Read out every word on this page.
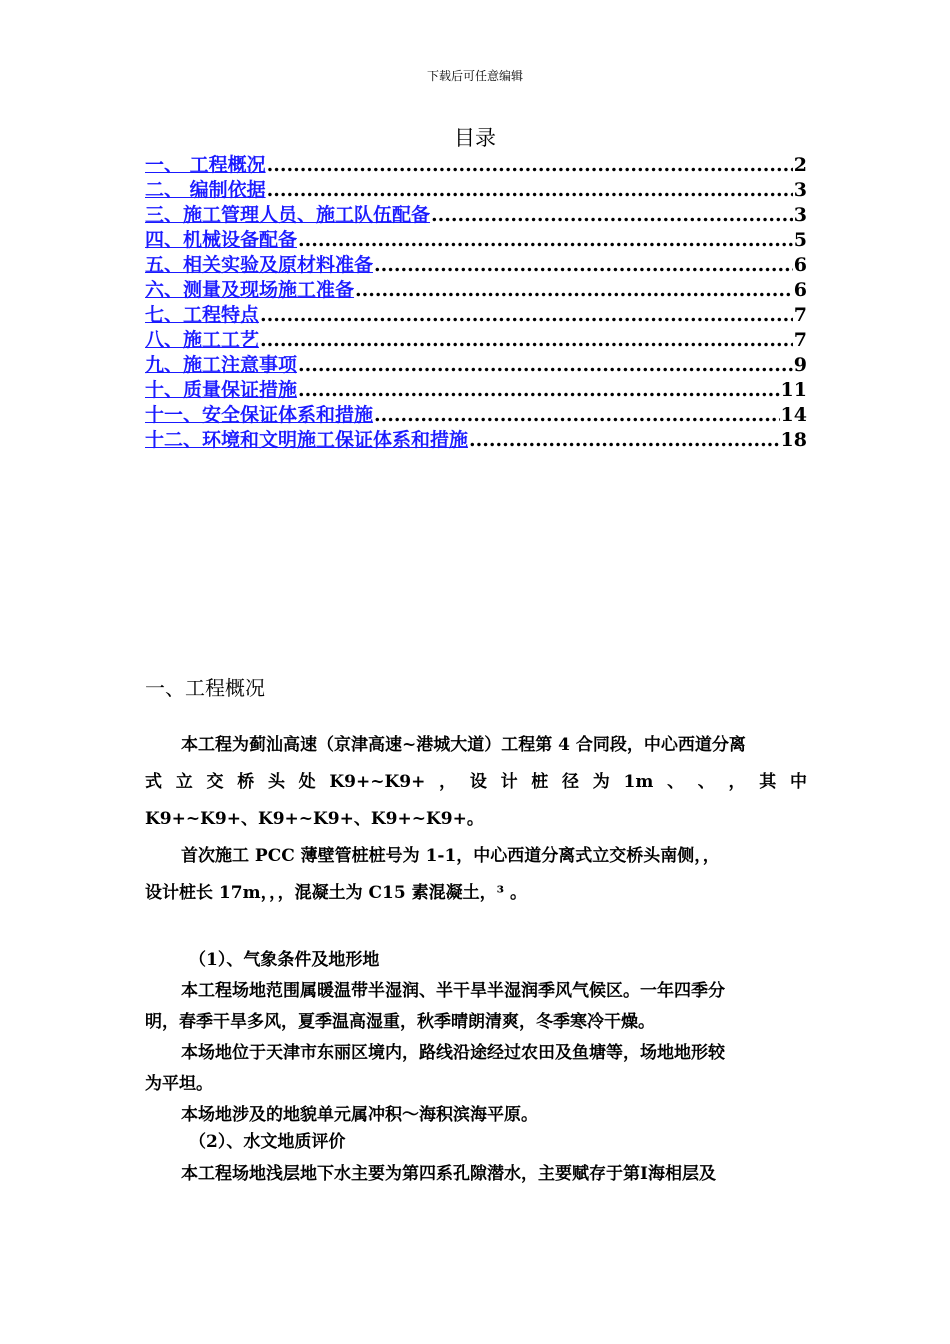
下载后可任意编辑
目录
一、 工程概况 .....	2
二、 编制依据 .....	3
三、施工管理人员、施工队伍配备 .....	3
四、机械设备配备 .....	5
五、相关实验及原材料准备 .....	6
六、测量及现场施工准备 .....	6
七、工程特点 .....	7
八、施工工艺 .....	7
九、施工注意事项 .....	9
十、质量保证措施 .....	11
十一、安全保证体系和措施 .....	14
十二、环境和文明施工保证体系和措施 .....	18
一、工程概况
本工程为蓟汕高速（京津高速~港城大道）工程第 4 合同段，中心西道分离
式 立 交 桥 头 处 K9+~K9+ ， 设 计 桩 径 为 1m 、 、 ， 其 中
K9+~K9+、K9+~K9+、K9+~K9+。
首次施工 PCC 薄壁管桩桩号为 1-1，中心西道分离式立交桥头南侧，，
设计桩长 17m，，，混凝土为 C15 素混凝土，³ 。
（1）、气象条件及地形地
本工程场地范围属暖温带半湿润、半干旱半湿润季风气候区。一年四季分
明，春季干旱多风，夏季温高湿重，秋季晴朗清爽，冬季寒冷干燥。
本场地位于天津市东丽区境内，路线沿途经过农田及鱼塘等，场地地形较
为平坦。
本场地涉及的地貌单元属冲积～海积滨海平原。
（2）、水文地质评价
本工程场地浅层地下水主要为第四系孔隙潜水，主要赋存于第Ⅰ海相层及
